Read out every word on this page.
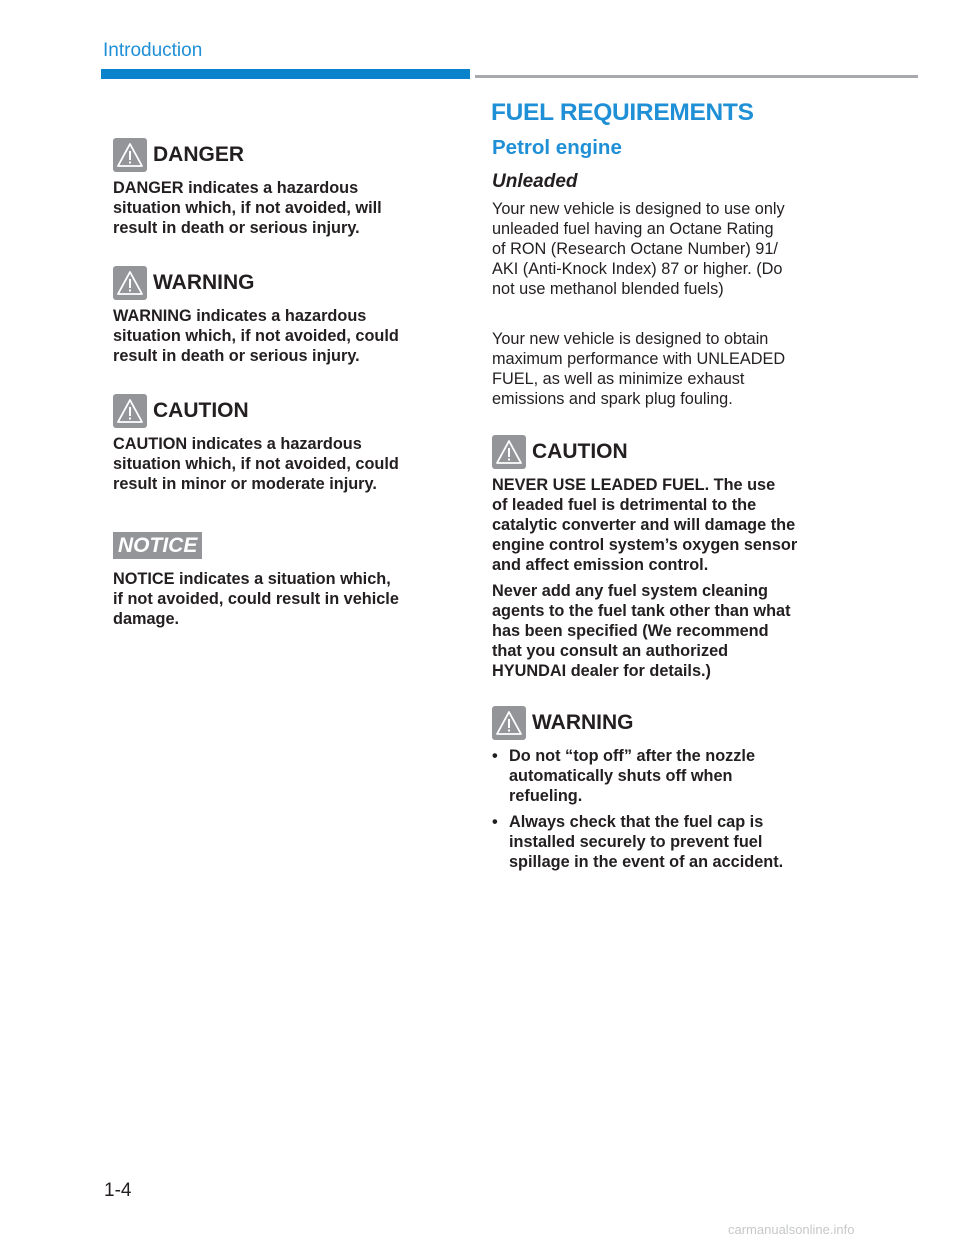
Introduction
DANGER

DANGER indicates a hazardous

situation which, if not avoided, will

result in death or serious injury.

WARNING

WARNING indicates a hazardous

situation which, if not avoided, could

result in death or serious injury.

CAUTION

CAUTION indicates a hazardous

situation which, if not avoided, could

result in minor or moderate injury.

NOTICE

NOTICE indicates a situation which,

if not avoided, could result in vehicle

damage.

FUEL REQUIREMENTS
Petrol engine
Unleaded

Your new vehicle is designed to use only

unleaded fuel having an Octane Rating

of RON (Research Octane Number) 91/

AKI (Anti-Knock Index) 87 or higher. (Do

not use methanol blended fuels)

Your new vehicle is designed to obtain

maximum performance with UNLEADED

FUEL, as well as minimize exhaust

emissions and spark plug fouling.

CAUTION

NEVER USE LEADED FUEL. The use

of leaded fuel is detrimental to the

catalytic converter and will damage the

engine control system’s oxygen sensor

and affect emission control.

Never add any fuel system cleaning

agents to the fuel tank other than what

has been specified (We recommend

that you consult an authorized

HYUNDAI dealer for details.)

WARNING
• Do not “top off” after the nozzle

automatically shuts off when

refueling.

• Always check that the fuel cap is

installed securely to prevent fuel

spillage in the event of an accident.

1-4
carmanualsonline.info
